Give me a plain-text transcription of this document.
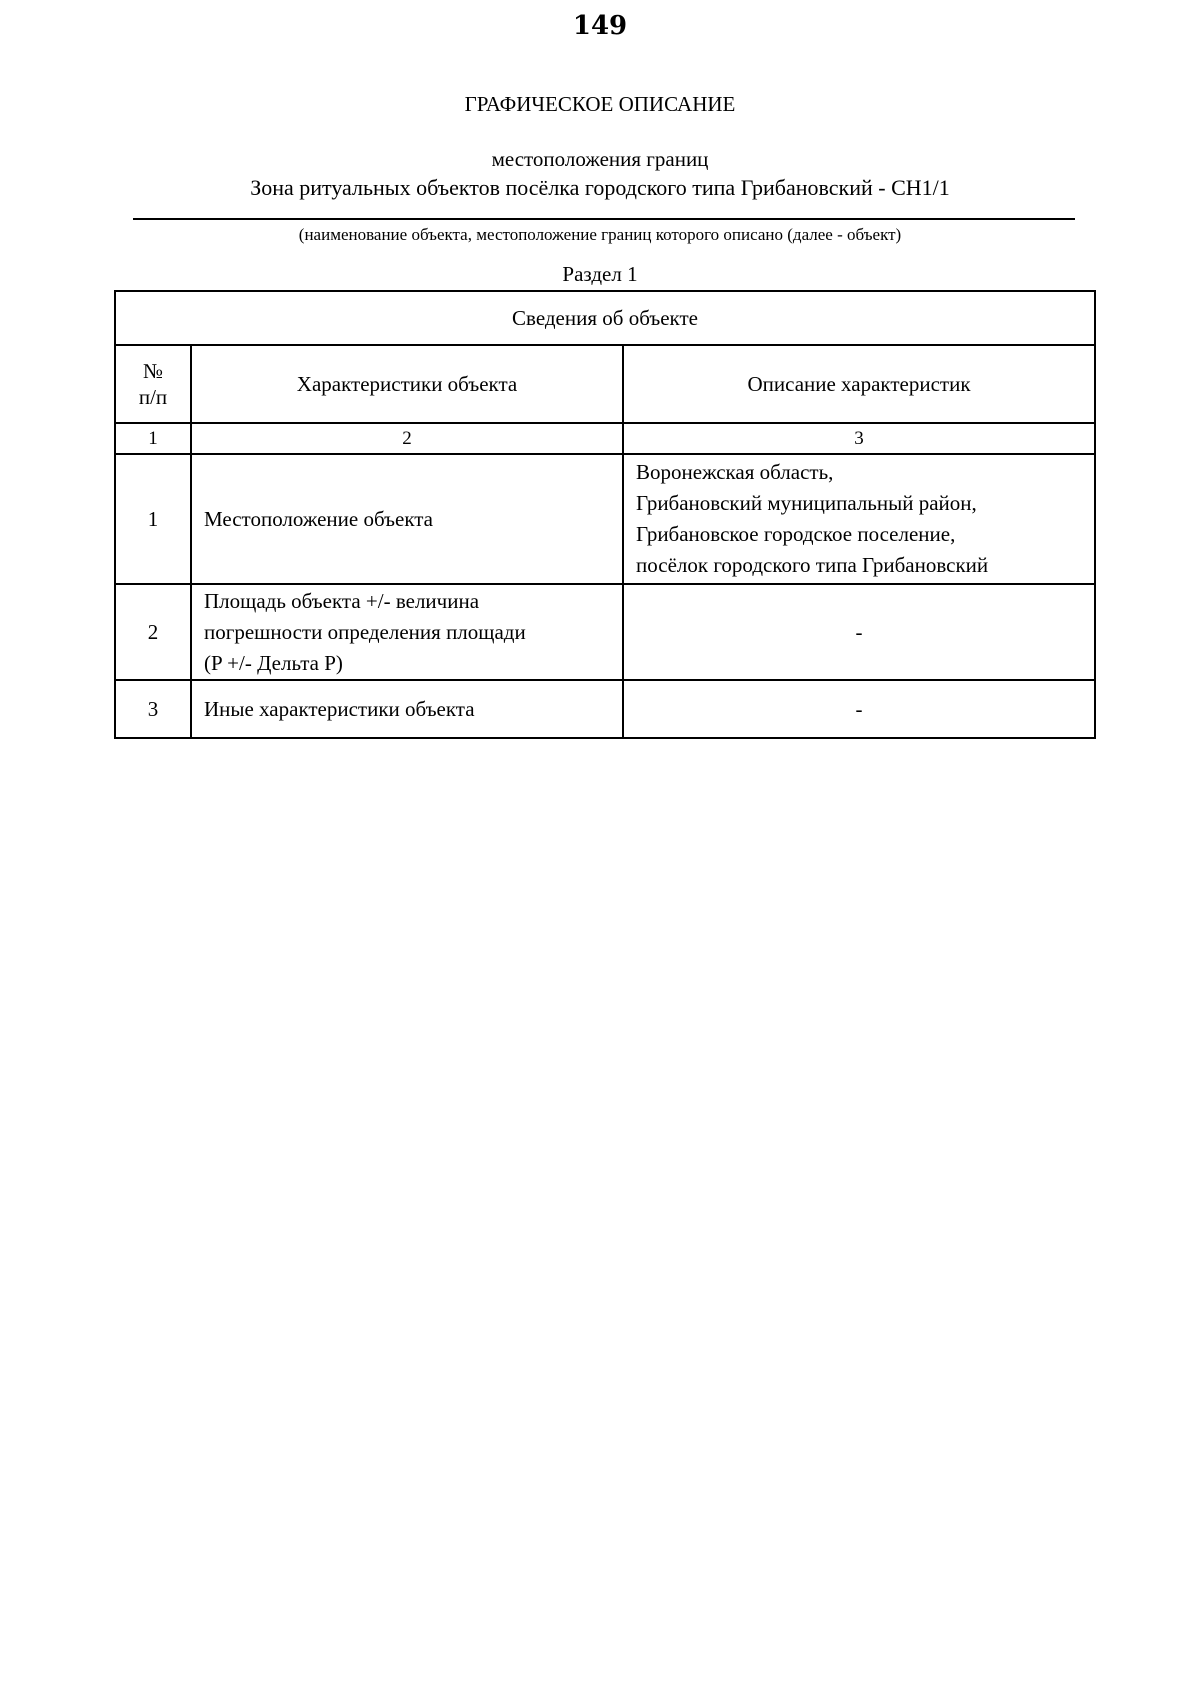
149
ГРАФИЧЕСКОЕ ОПИСАНИЕ
местоположения границ
Зона ритуальных объектов посёлка городского типа Грибановский - СН1/1
(наименование объекта, местоположение границ которого описано (далее - объект)
Раздел 1
Сведения об объекте		

№
п/п	Характеристики объекта	Описание характеристик
1	2	3
1	Местоположение объекта	Воронежская область,
Грибановский муниципальный район,
Грибановское городское поселение,
посёлок городского типа Грибановский

2	Площадь объекта +/- величина
погрешности определения площади
(P +/- Дельта P)	-
3	Иные характеристики объекта	-
